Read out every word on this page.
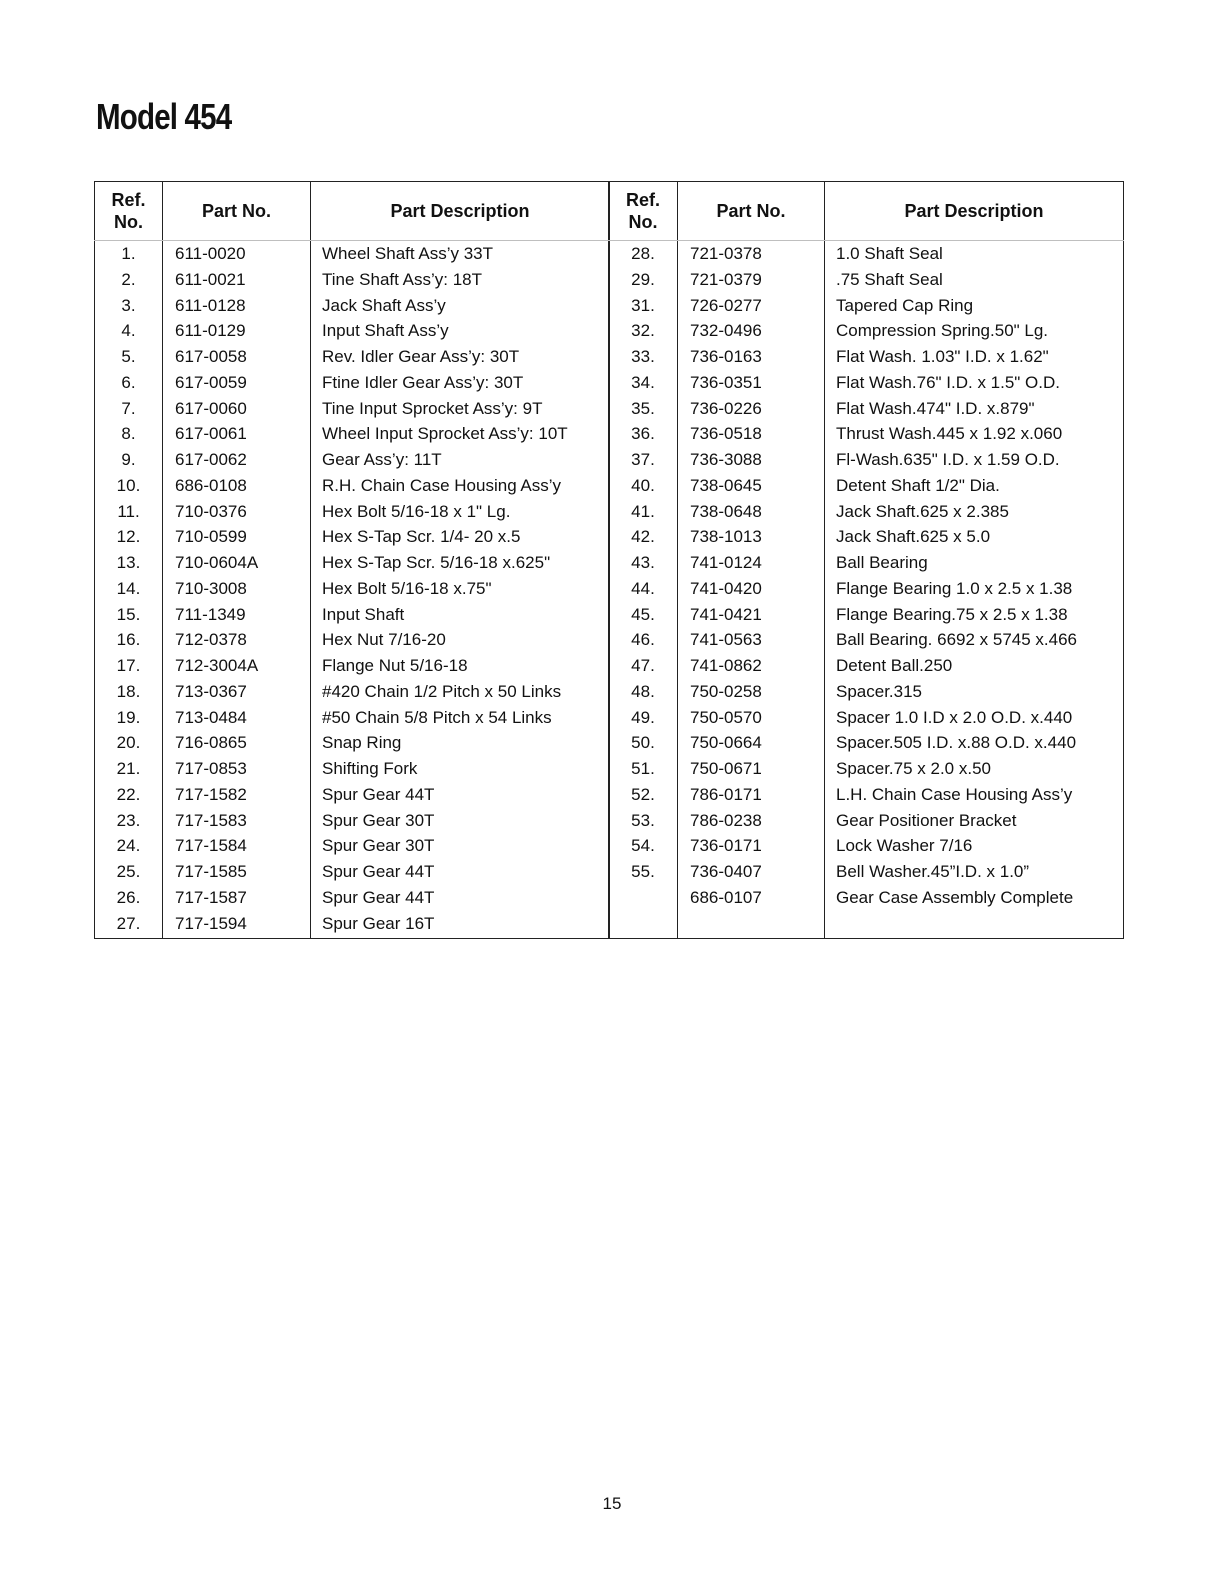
Model 454
Ref.
No.	Part No.	Part Description
1.	611-0020	Wheel Shaft Ass’y 33T
2.	611-0021	Tine Shaft Ass’y: 18T
3.	611-0128	Jack Shaft Ass’y
4.	611-0129	Input Shaft Ass’y
5.	617-0058	Rev. Idler Gear Ass’y: 30T
6.	617-0059	Ftine Idler Gear Ass’y: 30T
7.	617-0060	Tine Input Sprocket Ass’y: 9T
8.	617-0061	Wheel Input Sprocket Ass’y: 10T
9.	617-0062	Gear Ass’y: 11T
10.	686-0108	R.H. Chain Case Housing Ass’y
11.	710-0376	Hex Bolt 5/16-18 x 1" Lg.
12.	710-0599	Hex S-Tap Scr. 1/4- 20 x.5
13.	710-0604A	Hex S-Tap Scr. 5/16-18 x.625"
14.	710-3008	Hex Bolt 5/16-18 x.75"
15.	711-1349	Input Shaft
16.	712-0378	Hex Nut 7/16-20
17.	712-3004A	Flange Nut 5/16-18
18.	713-0367	#420 Chain 1/2 Pitch x 50 Links
19.	713-0484	#50 Chain 5/8 Pitch x 54 Links
20.	716-0865	Snap Ring
21.	717-0853	Shifting Fork
22.	717-1582	Spur Gear 44T
23.	717-1583	Spur Gear 30T
24.	717-1584	Spur Gear 30T
25.	717-1585	Spur Gear 44T
26.	717-1587	Spur Gear 44T
27.	717-1594	Spur Gear 16T
Ref.
No.	Part No.	Part Description
28.	721-0378	1.0 Shaft Seal
29.	721-0379	.75 Shaft Seal
31.	726-0277	Tapered Cap Ring
32.	732-0496	Compression Spring.50" Lg.
33.	736-0163	Flat Wash. 1.03" I.D. x 1.62"
34.	736-0351	Flat Wash.76" I.D. x 1.5" O.D.
35.	736-0226	Flat Wash.474" I.D. x.879"
36.	736-0518	Thrust Wash.445 x 1.92 x.060
37.	736-3088	Fl-Wash.635" I.D. x 1.59 O.D.
40.	738-0645	Detent Shaft 1/2" Dia.
41.	738-0648	Jack Shaft.625 x 2.385
42.	738-1013	Jack Shaft.625 x 5.0
43.	741-0124	Ball Bearing
44.	741-0420	Flange Bearing 1.0 x 2.5 x 1.38
45.	741-0421	Flange Bearing.75 x 2.5 x 1.38
46.	741-0563	Ball Bearing. 6692 x 5745 x.466
47.	741-0862	Detent Ball.250
48.	750-0258	Spacer.315
49.	750-0570	Spacer 1.0 I.D x 2.0 O.D. x.440
50.	750-0664	Spacer.505 I.D. x.88 O.D. x.440
51.	750-0671	Spacer.75 x 2.0 x.50
52.	786-0171	L.H. Chain Case Housing Ass’y
53.	786-0238	Gear Positioner Bracket
54.	736-0171	Lock Washer 7/16
55.	736-0407	Bell Washer.45”I.D. x 1.0”
	686-0107	Gear Case Assembly Complete

15
